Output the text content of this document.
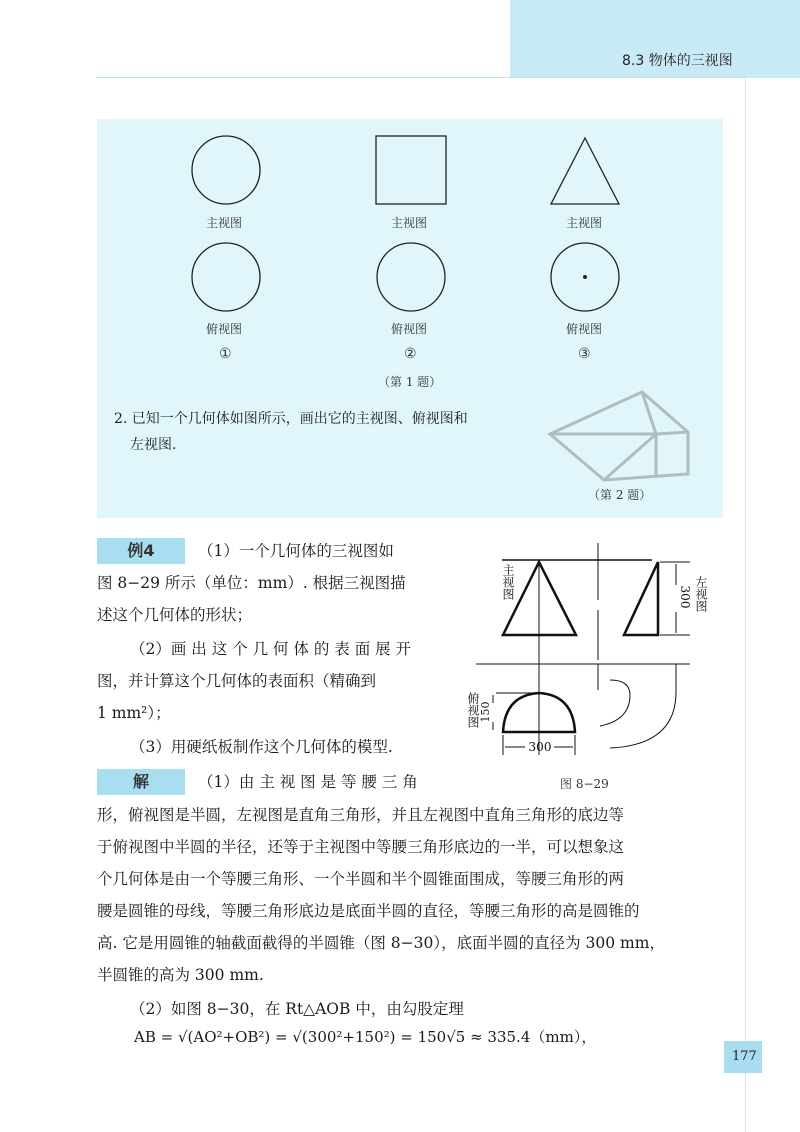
8.3 物体的三视图
主视图	主视图	主视图
俯视图	俯视图	俯视图
①	②	③
（第 1 题）
2. 已知一个几何体如图所示，画出它的主视图、俯视图和
左视图.
（第 2 题）
例4	（1）一个几何体的三视图如
图 8−29 所示（单位：mm）. 根据三视图描
述这个几何体的形状；
（2）画 出 这 个 几 何 体 的 表 面 展 开
图，并计算这个几何体的表面积（精确到
1 mm²）；
（3）用硬纸板制作这个几何体的模型.
300
150
300
主视图	左视图
俯视图
图 8−29
解	（1）由 主 视 图 是 等 腰 三 角
形，俯视图是半圆，左视图是直角三角形，并且左视图中直角三角形的底边等
于俯视图中半圆的半径，还等于主视图中等腰三角形底边的一半，可以想象这
个几何体是由一个等腰三角形、一个半圆和半个圆锥面围成，等腰三角形的两
腰是圆锥的母线，等腰三角形底边是底面半圆的直径，等腰三角形的高是圆锥的
高. 它是用圆锥的轴截面截得的半圆锥（图 8−30），底面半圆的直径为 300 mm，
半圆锥的高为 300 mm.
（2）如图 8−30，在 Rt△AOB 中，由勾股定理
AB = √(AO²+OB²) = √(300²+150²) = 150√5 ≈ 335.4（mm），
177
